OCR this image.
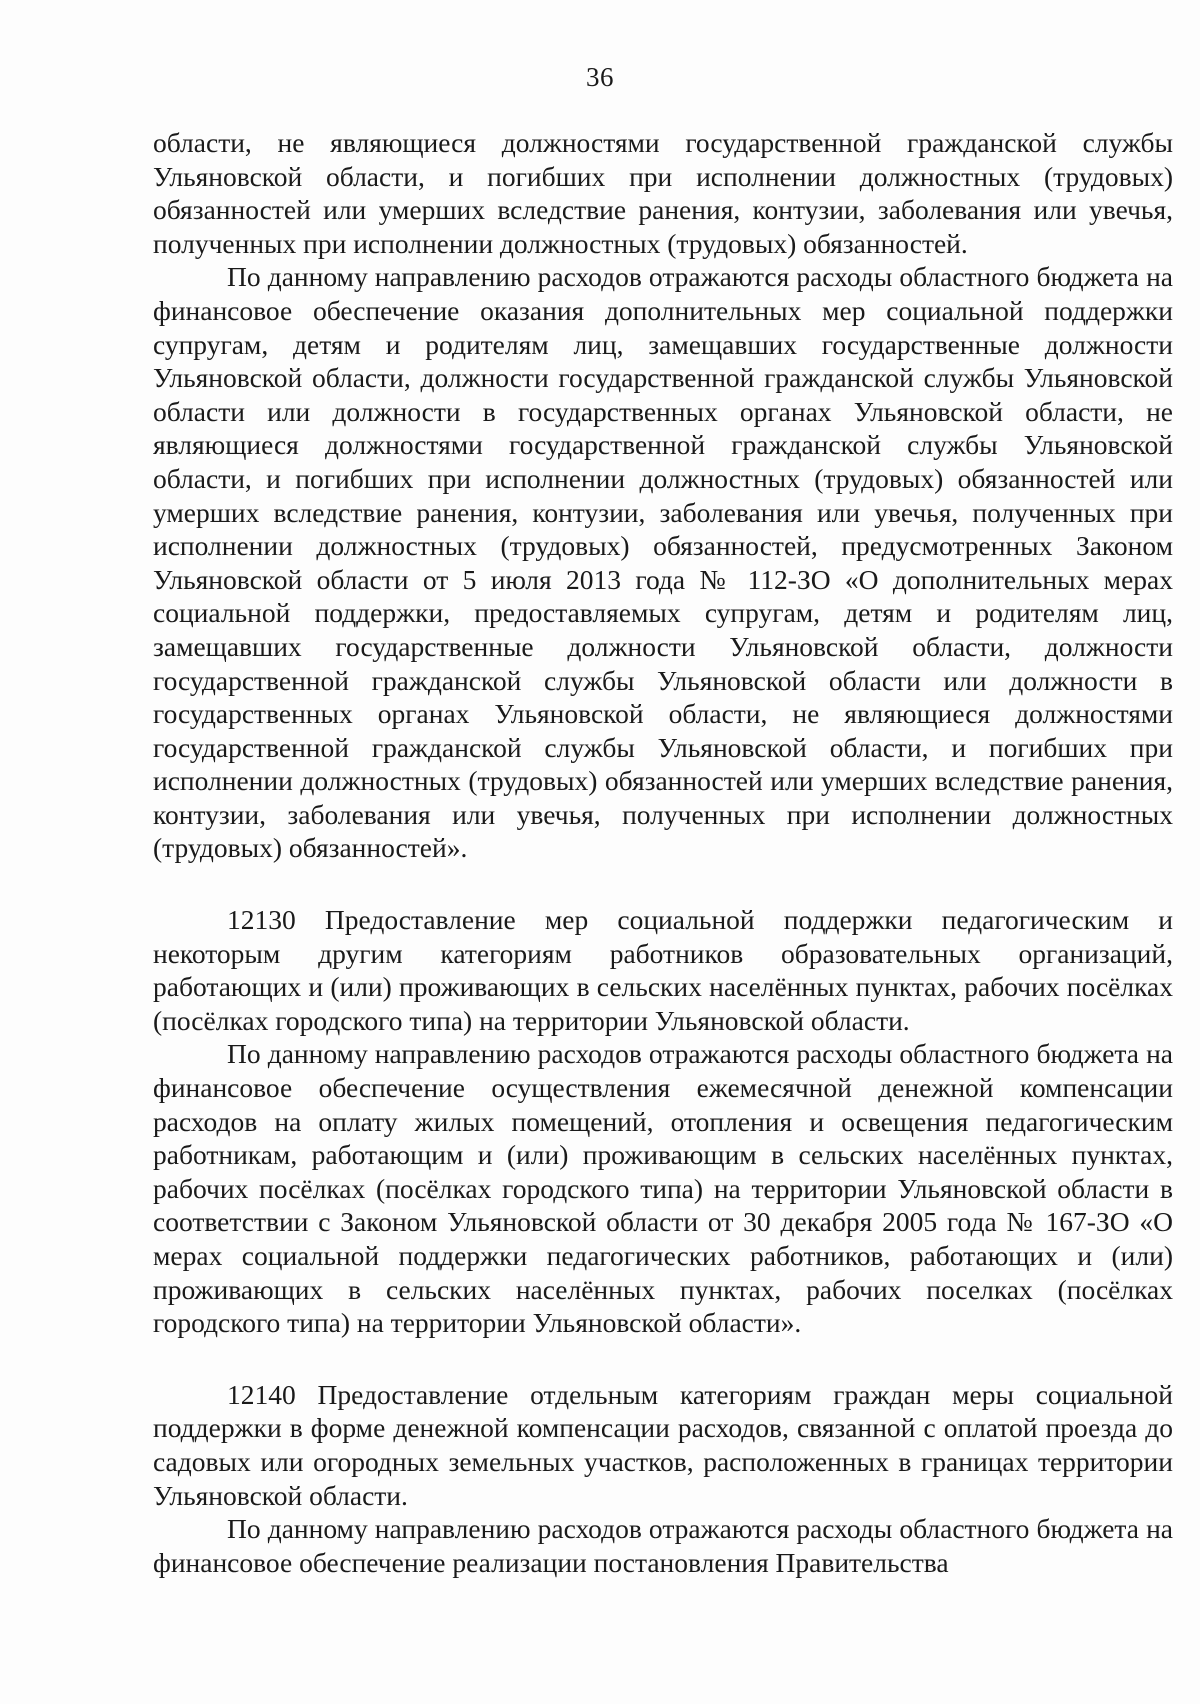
36

области, не являющиеся должностями государственной гражданской службы Ульяновской области, и погибших при исполнении должностных (трудовых) обязанностей или умерших вследствие ранения, контузии, заболевания или увечья, полученных при исполнении должностных (трудовых) обязанностей.

По данному направлению расходов отражаются расходы областного бюджета на финансовое обеспечение оказания дополнительных мер социальной поддержки супругам, детям и родителям лиц, замещавших государственные должности Ульяновской области, должности государственной гражданской службы Ульяновской области или должности в государственных органах Ульяновской области, не являющиеся должностями государственной гражданской службы Ульяновской области, и погибших при исполнении должностных (трудовых) обязанностей или умерших вследствие ранения, контузии, заболевания или увечья, полученных при исполнении должностных (трудовых) обязанностей, предусмотренных Законом Ульяновской области от 5 июля 2013 года № 112-ЗО «О дополнительных мерах социальной поддержки, предоставляемых супругам, детям и родителям лиц, замещавших государственные должности Ульяновской области, должности государственной гражданской службы Ульяновской области или должности в государственных органах Ульяновской области, не являющиеся должностями государственной гражданской службы Ульяновской области, и погибших при исполнении должностных (трудовых) обязанностей или умерших вследствие ранения, контузии, заболевания или увечья, полученных при исполнении должностных (трудовых) обязанностей».

12130 Предоставление мер социальной поддержки педагогическим и некоторым другим категориям работников образовательных организаций, работающих и (или) проживающих в сельских населённых пунктах, рабочих посёлках (посёлках городского типа) на территории Ульяновской области.

По данному направлению расходов отражаются расходы областного бюджета на финансовое обеспечение осуществления ежемесячной денежной компенсации расходов на оплату жилых помещений, отопления и освещения педагогическим работникам, работающим и (или) проживающим в сельских населённых пунктах, рабочих посёлках (посёлках городского типа) на территории Ульяновской области в соответствии с Законом Ульяновской области от 30 декабря 2005 года № 167-ЗО «О мерах социальной поддержки педагогических работников, работающих и (или) проживающих в сельских населённых пунктах, рабочих поселках (посёлках городского типа) на территории Ульяновской области».

12140 Предоставление отдельным категориям граждан меры социальной поддержки в форме денежной компенсации расходов, связанной с оплатой проезда до садовых или огородных земельных участков, расположенных в границах территории Ульяновской области.

По данному направлению расходов отражаются расходы областного бюджета на финансовое обеспечение реализации постановления Правительства
